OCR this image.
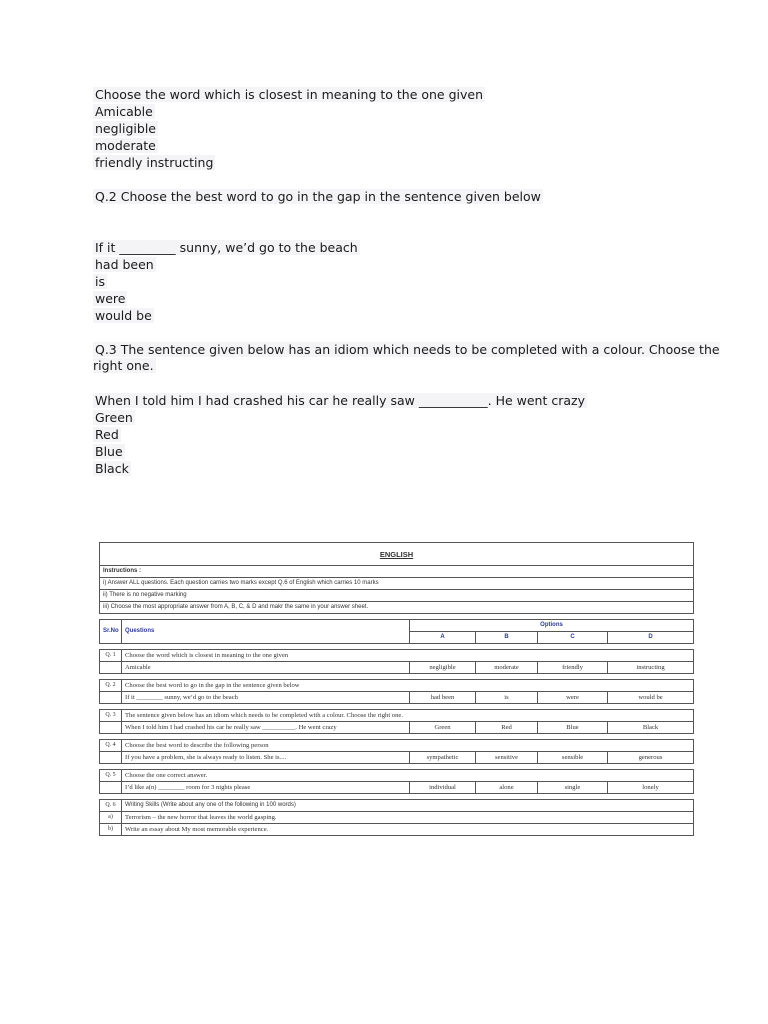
Choose the word which is closest in meaning to the one given

Amicable

negligible

moderate

friendly instructing

Q.2 Choose the best word to go in the gap in the sentence given below

If it _________ sunny, we’d go to the beach

had been

is

were

would be

Q.3 The sentence given below has an idiom which needs to be completed with a colour. Choose the right one.

When I told him I had crashed his car he really saw ___________. He went crazy

Green

Red

Blue

Black

ENGLISH					
Instructions :					
i) Answer ALL questions. Each question carries two marks except Q.6 of English which carries 10 marks					
ii) There is no negative marking					
iii) Choose the most appropriate answer from A, B, C, & D and makr the same in your answer sheet.					

Sr.No	Questions	Options			
		A	B	C	D

Q. 1	Choose the word which is closest in meaning to the one given				
	Amicable	negligible	moderate	friendly	instructing

Q. 2	Choose the best word to go in the gap in the sentence given below				
	If it ________ sunny, we’d go to the beach	had been	is	were	would be

Q. 3	The sentence given below has an idiom which needs to be completed with a colour. Choose the right one.				
	When I told him I had crashed his car he really saw __________. He went crazy	Green	Red	Blue	Black

Q. 4	Choose the best word to describe the following person				
	If you have a problem, she is always ready to listen. She is....	sympathetic	sensitive	sensible	generous

Q. 5	Choose the one correct answer.				
	I’d like a(n) ________ room for 3 nights please	individual	alone	single	lonely

Q. 6	Writing Skills (Write about any one of the following in 100 words)				
a)	Terrorism – the new horror that leaves the world gasping.				
b)	Write an essay about My most memorable experience.				
